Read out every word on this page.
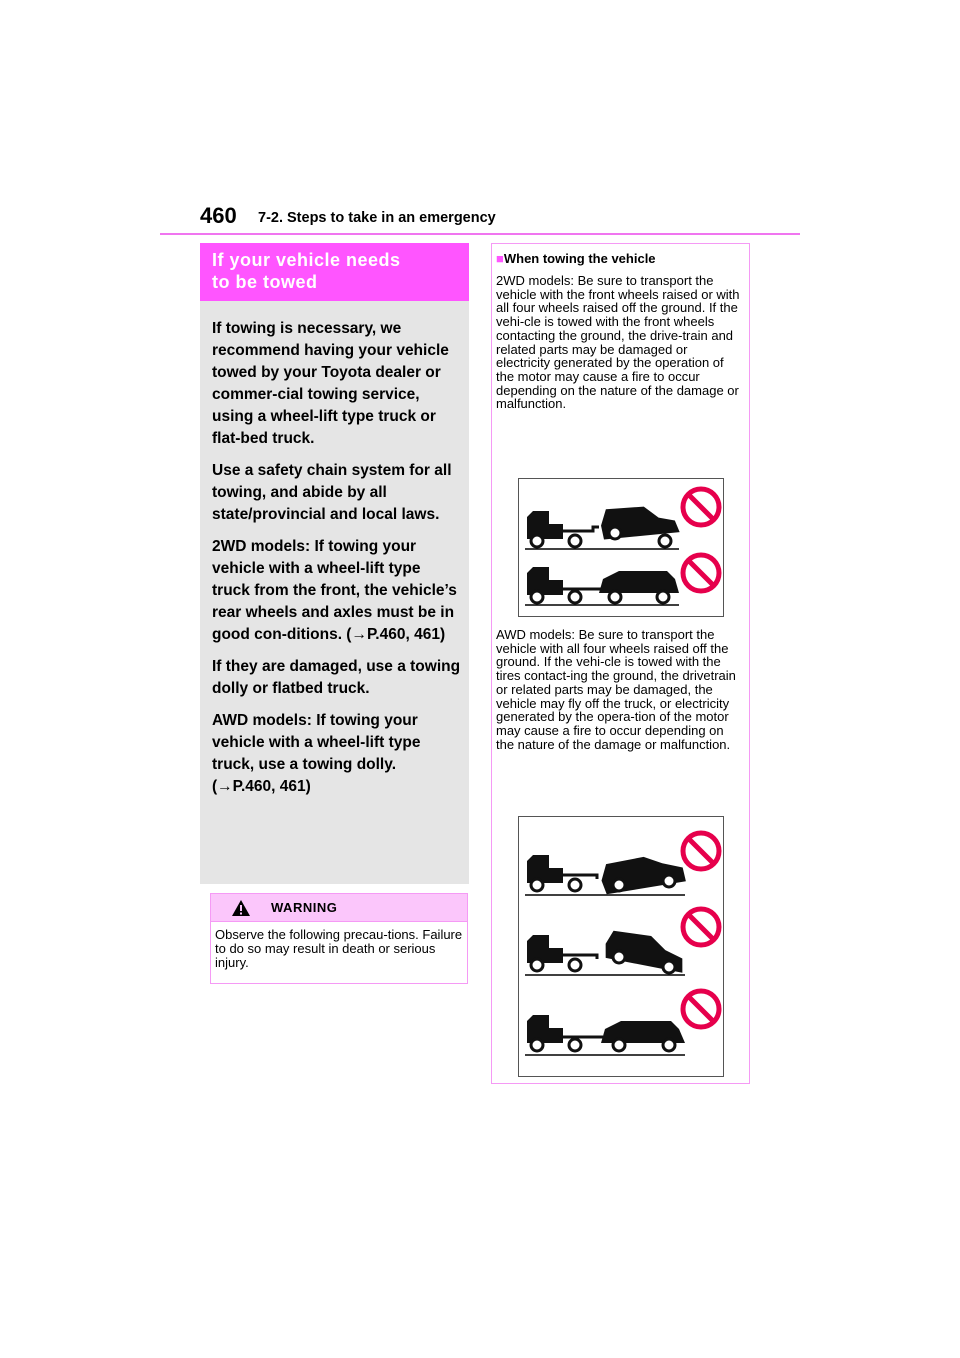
460 7-2. Steps to take in an emergency
If your vehicle needs
to be towed

If towing is necessary, we recommend having your vehicle towed by your Toyota dealer or commer-cial towing service, using a wheel-lift type truck or flat-bed truck.

Use a safety chain system for all towing, and abide by all state/provincial and local laws.

2WD models: If towing your vehicle with a wheel-lift type truck from the front, the vehicle’s rear wheels and axles must be in good con-ditions. (→P.460, 461)

If they are damaged, use a towing dolly or flatbed truck.

AWD models: If towing your vehicle with a wheel-lift type truck, use a towing dolly. (→P.460, 461)

WARNING
Observe the following precau-tions. Failure to do so may result in death or serious injury.
■When towing the vehicle
2WD models: Be sure to transport the vehicle with the front wheels raised or with all four wheels raised off the ground. If the vehi-cle is towed with the front wheels contacting the ground, the drive-train and related parts may be damaged or electricity generated by the operation of the motor may cause a fire to occur depending on the nature of the damage or malfunction.
AWD models: Be sure to transport the vehicle with all four wheels raised off the ground. If the vehi-cle is towed with the tires contact-ing the ground, the drivetrain or related parts may be damaged, the vehicle may fly off the truck, or electricity generated by the opera-tion of the motor may cause a fire to occur depending on the nature of the damage or malfunction.
